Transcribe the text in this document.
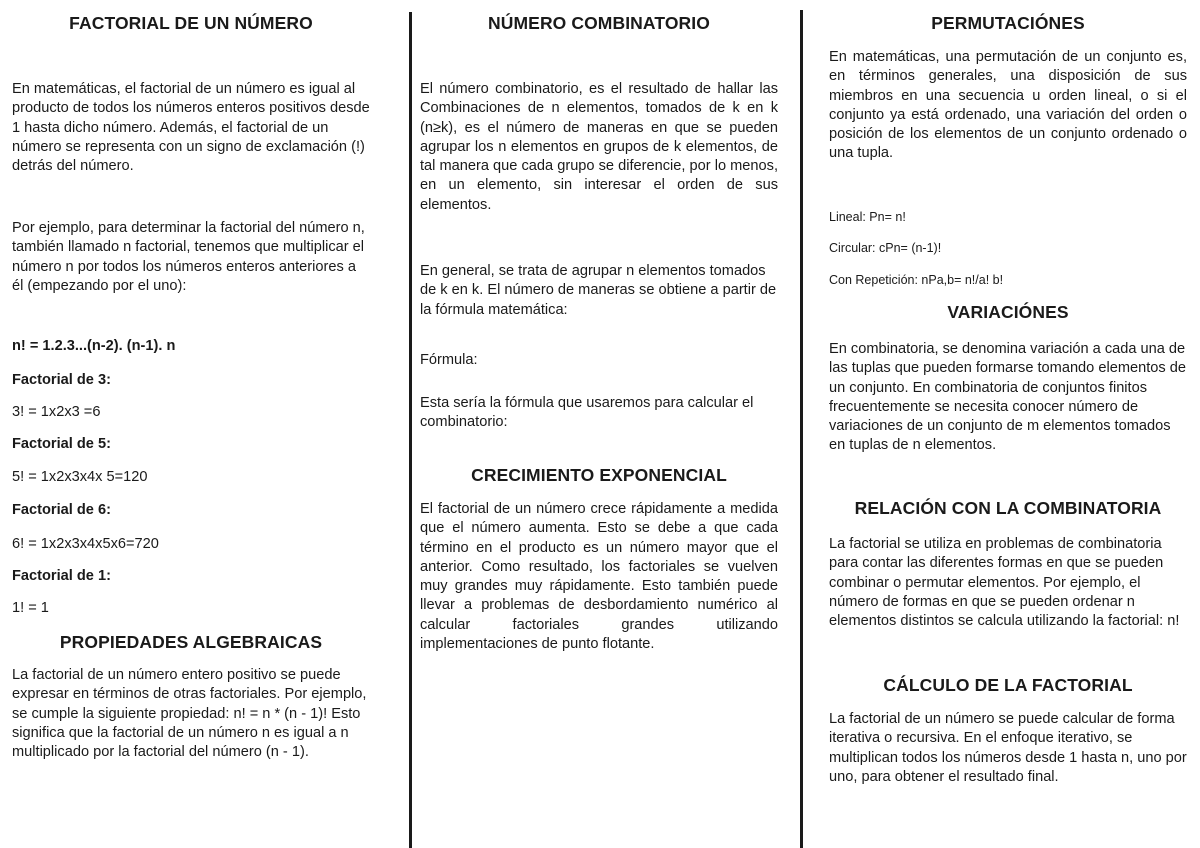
FACTORIAL DE UN NÚMERO

En matemáticas, el factorial de un número es igual al producto de todos los números enteros positivos desde 1 hasta dicho número. Además, el factorial de un número se representa con un signo de exclamación (!) detrás del número.

Por ejemplo, para determinar la factorial del número n, también llamado n factorial, tenemos que multiplicar el número n por todos los números enteros anteriores a él (empezando por el uno):

n! = 1.2.3...(n-2). (n-1). n

Factorial de 3:

3! = 1x2x3 =6

Factorial de 5:

5! = 1x2x3x4x 5=120

Factorial de 6:

6! = 1x2x3x4x5x6=720

Factorial de 1:

1! = 1

PROPIEDADES ALGEBRAICAS

La factorial de un número entero positivo se puede expresar en términos de otras factoriales. Por ejemplo, se cumple la siguiente propiedad: n! = n * (n - 1)! Esto significa que la factorial de un número n es igual a n multiplicado por la factorial del número (n - 1).

NÚMERO COMBINATORIO

El número combinatorio, es el resultado de hallar las Combinaciones de n elementos, tomados de k en k (n≥k), es el número de maneras en que se pueden agrupar los n elementos en grupos de k elementos, de tal manera que cada grupo se diferencie, por lo menos, en un elemento, sin interesar el orden de sus elementos.

En general, se trata de agrupar n elementos tomados de k en k. El número de maneras se obtiene a partir de la fórmula matemática:

Fórmula:

Esta sería la fórmula que usaremos para calcular el combinatorio:

CRECIMIENTO EXPONENCIAL

El factorial de un número crece rápidamente a medida que el número aumenta. Esto se debe a que cada término en el producto es un número mayor que el anterior. Como resultado, los factoriales se vuelven muy grandes muy rápidamente. Esto también puede llevar a problemas de desbordamiento numérico al calcular factoriales grandes utilizando implementaciones de punto flotante.

PERMUTACIÓNES

En matemáticas, una permutación de un conjunto es, en términos generales, una disposición de sus miembros en una secuencia u orden lineal, o si el conjunto ya está ordenado, una variación del orden o posición de los elementos de un conjunto ordenado o una tupla.

Lineal: Pn= n!

Circular: cPn= (n-1)!

Con Repetición: nPa,b= n!/a! b!

VARIACIÓNES

En combinatoria, se denomina variación a cada una de las tuplas que pueden formarse tomando elementos de un conjunto. En combinatoria de conjuntos finitos frecuentemente se necesita conocer número de variaciones de un conjunto de m elementos tomados en tuplas de n elementos.

RELACIÓN CON LA COMBINATORIA

La factorial se utiliza en problemas de combinatoria para contar las diferentes formas en que se pueden combinar o permutar elementos. Por ejemplo, el número de formas en que se pueden ordenar n elementos distintos se calcula utilizando la factorial: n!

CÁLCULO DE LA FACTORIAL

La factorial de un número se puede calcular de forma iterativa o recursiva. En el enfoque iterativo, se multiplican todos los números desde 1 hasta n, uno por uno, para obtener el resultado final.
